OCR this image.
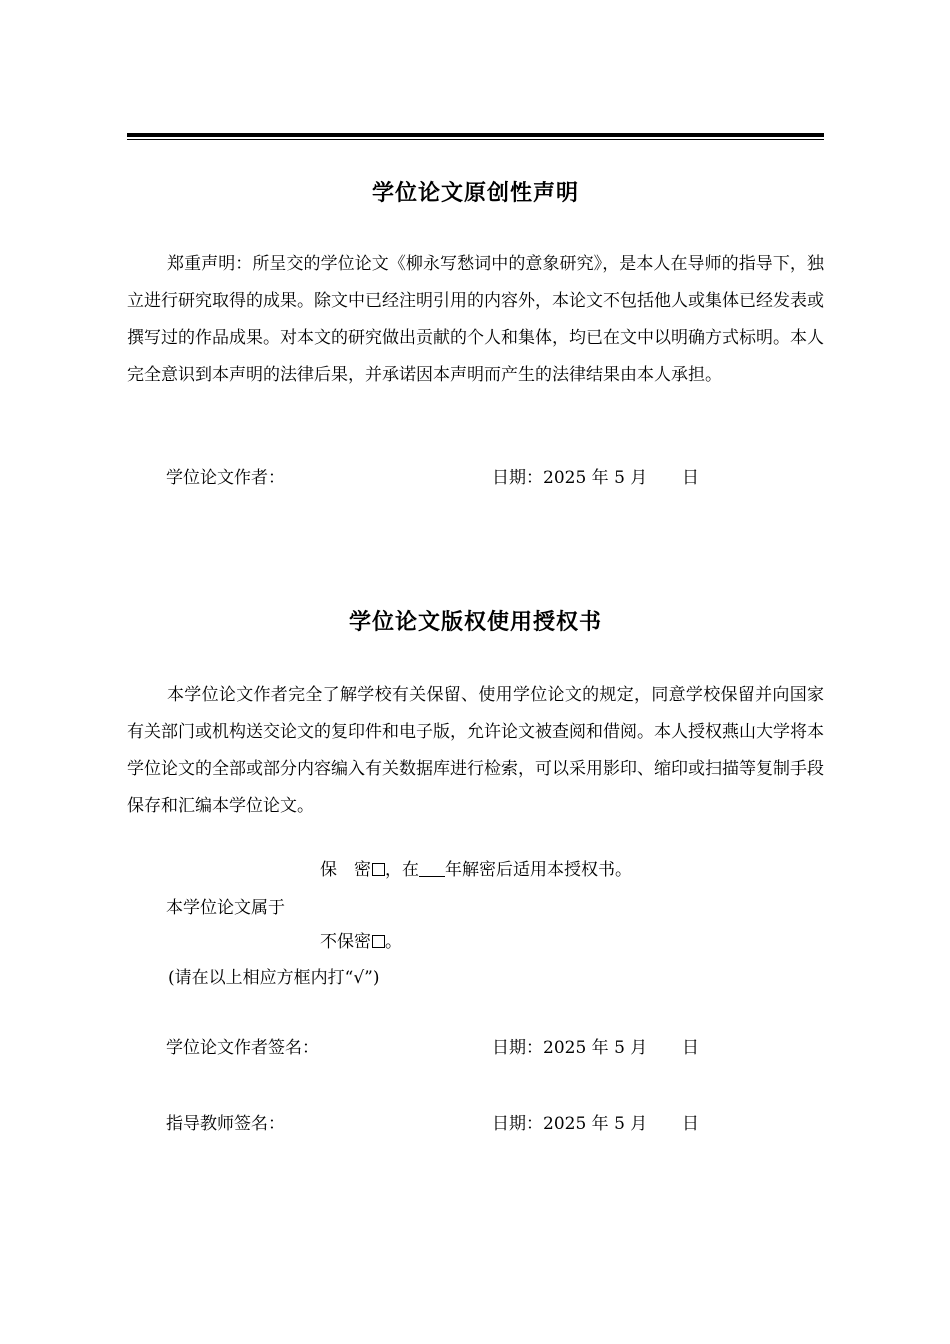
学位论文原创性声明
郑重声明：所呈交的学位论文《柳永写愁词中的意象研究》，是本人在导师的指导下，独立进行研究取得的成果。除文中已经注明引用的内容外，本论文不包括他人或集体已经发表或撰写过的作品成果。对本文的研究做出贡献的个人和集体，均已在文中以明确方式标明。本人完全意识到本声明的法律后果，并承诺因本声明而产生的法律结果由本人承担。
学位论文作者：	日期：2025 年 5 月 日
学位论文版权使用授权书
本学位论文作者完全了解学校有关保留、使用学位论文的规定，同意学校保留并向国家有关部门或机构送交论文的复印件和电子版，允许论文被查阅和借阅。本人授权燕山大学将本学位论文的全部或部分内容编入有关数据库进行检索，可以采用影印、缩印或扫描等复制手段保存和汇编本学位论文。
保　密 ，在 年解密后适用本授权书。
本学位论文属于
不保密 。
(请在以上相应方框内打“√”)
学位论文作者签名：	日期：2025 年 5 月 日
指导教师签名：	日期：2025 年 5 月 日
